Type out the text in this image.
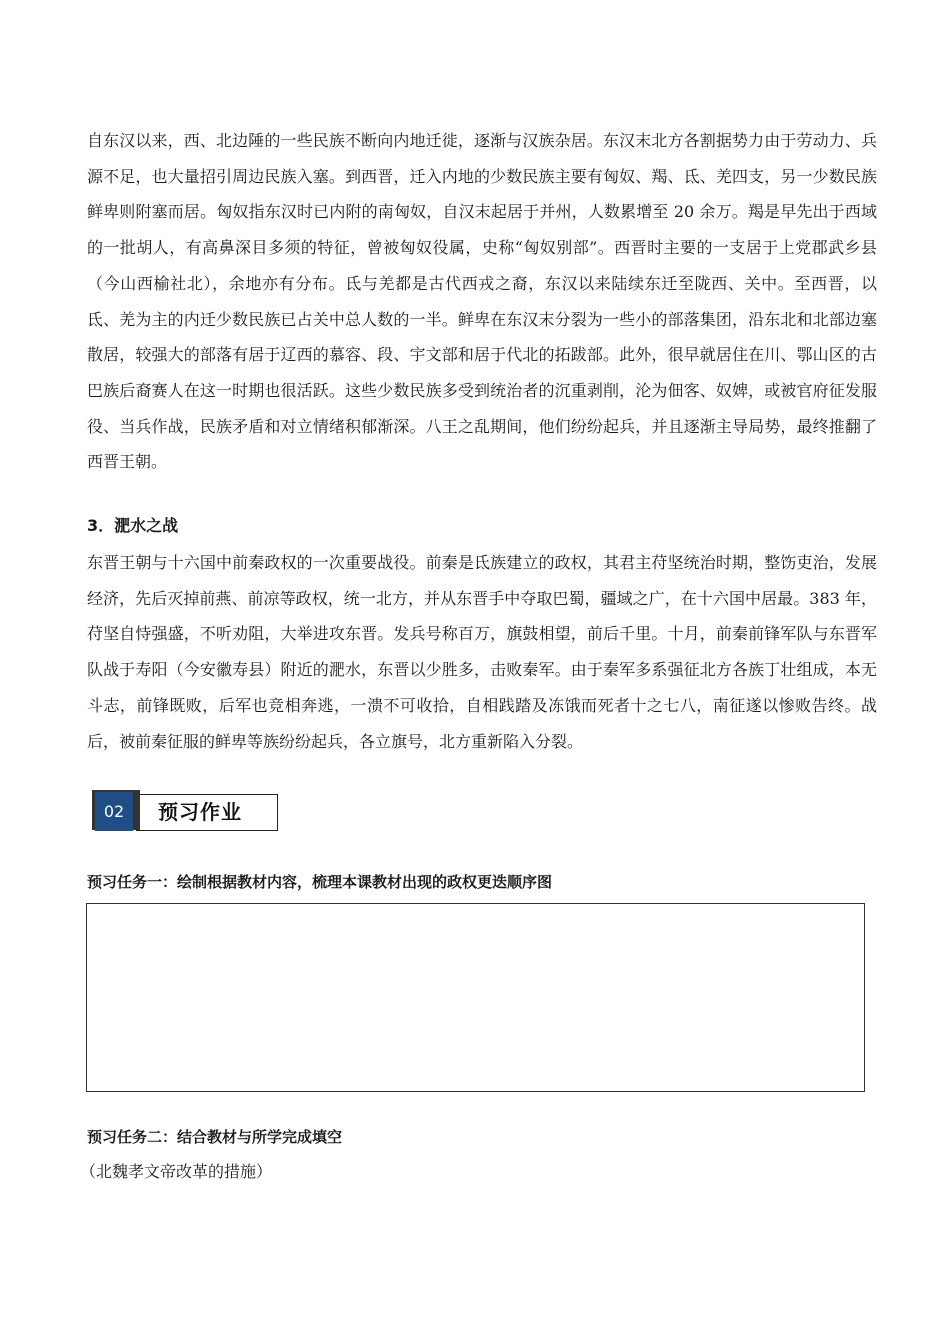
自东汉以来，西、北边陲的一些民族不断向内地迁徙，逐渐与汉族杂居。东汉末北方各割据势力由于劳动力、兵源不足，也大量招引周边民族入塞。到西晋，迁入内地的少数民族主要有匈奴、羯、氐、羌四支，另一少数民族鲜卑则附塞而居。匈奴指东汉时已内附的南匈奴，自汉末起居于并州，人数累增至 20 余万。羯是早先出于西域的一批胡人，有高鼻深目多须的特征，曾被匈奴役属，史称“匈奴别部”。西晋时主要的一支居于上党郡武乡县（今山西榆社北），余地亦有分布。氐与羌都是古代西戎之裔，东汉以来陆续东迁至陇西、关中。至西晋，以氐、羌为主的内迁少数民族已占关中总人数的一半。鲜卑在东汉末分裂为一些小的部落集团，沿东北和北部边塞散居，较强大的部落有居于辽西的慕容、段、宇文部和居于代北的拓跋部。此外，很早就居住在川、鄂山区的古巴族后裔赛人在这一时期也很活跃。这些少数民族多受到统治者的沉重剥削，沦为佃客、奴婢，或被官府征发服役、当兵作战，民族矛盾和对立情绪积郁渐深。八王之乱期间，他们纷纷起兵，并且逐渐主导局势，最终推翻了西晋王朝。

3．淝水之战

东晋王朝与十六国中前秦政权的一次重要战役。前秦是氐族建立的政权，其君主苻坚统治时期，整饬吏治，发展经济，先后灭掉前燕、前凉等政权，统一北方，并从东晋手中夺取巴蜀，疆域之广，在十六国中居最。383 年，苻坚自恃强盛，不听劝阻，大举进攻东晋。发兵号称百万，旗鼓相望，前后千里。十月，前秦前锋军队与东晋军队战于寿阳（今安徽寿县）附近的淝水，东晋以少胜多，击败秦军。由于秦军多系强征北方各族丁壮组成，本无斗志，前锋既败，后军也竞相奔逃，一溃不可收拾，自相践踏及冻饿而死者十之七八，南征遂以惨败告终。战后，被前秦征服的鲜卑等族纷纷起兵，各立旗号，北方重新陷入分裂。

02	预习作业

预习任务一：绘制根据教材内容，梳理本课教材出现的政权更迭顺序图

预习任务二：结合教材与所学完成填空

（北魏孝文帝改革的措施）
